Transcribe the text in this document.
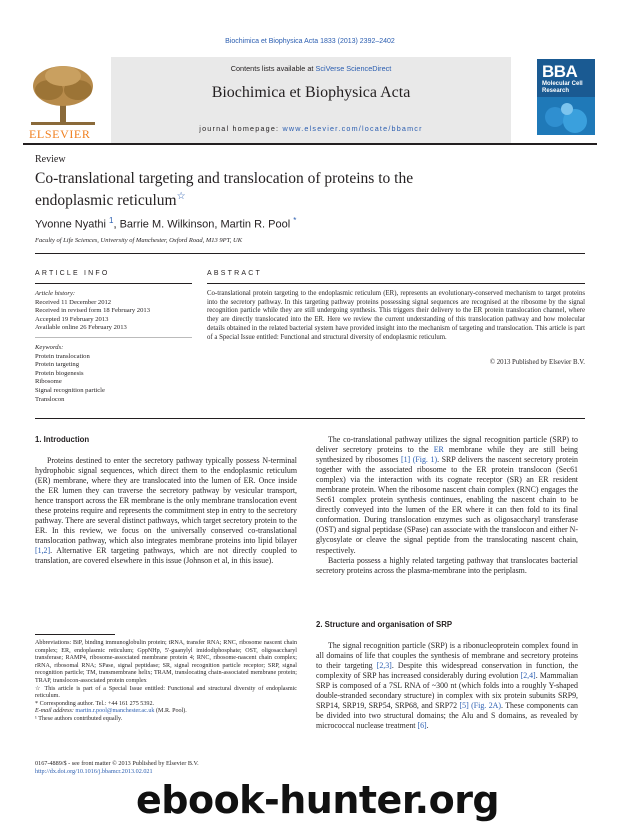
Biochimica et Biophysica Acta 1833 (2013) 2392–2402
ELSEVIER
Contents lists available at SciVerse ScienceDirect
Biochimica et Biophysica Acta
journal homepage: www.elsevier.com/locate/bbamcr
BBA
Molecular Cell Research
Review
Co-translational targeting and translocation of proteins to the endoplasmic reticulum☆
Yvonne Nyathi $^1$, Barrie M. Wilkinson, Martin R. Pool *
Faculty of Life Sciences, University of Manchester, Oxford Road, M13 9PT, UK
ARTICLE INFO
Article history:
Received 11 December 2012
Received in revised form 18 February 2013
Accepted 19 February 2013
Available online 26 February 2013
Keywords:
Protein translocation
Protein targeting
Protein biogenesis
Ribosome
Signal recognition particle
Translocon
ABSTRACT
Co-translational protein targeting to the endoplasmic reticulum (ER), represents an evolutionary-conserved mechanism to target proteins into the secretory pathway. In this targeting pathway proteins possessing signal sequences are recognised at the ribosome by the signal recognition particle while they are still undergoing synthesis. This triggers their delivery to the ER protein translocation channel, where they are directly translocated into the ER. Here we review the current understanding of this translocation pathway and how molecular details obtained in the related bacterial system have provided insight into the mechanism of targeting and translocation. This article is part of a Special Issue entitled: Functional and structural diversity of endoplasmic reticulum.
© 2013 Published by Elsevier B.V.
1. Introduction

Proteins destined to enter the secretory pathway typically possess N-terminal hydrophobic signal sequences, which direct them to the endoplasmic reticulum (ER) membrane, where they are translocated into the lumen of ER. Once inside the ER lumen they can traverse the secretory pathway by vesicular transport, hence transport across the ER membrane is the only membrane translocation event these proteins require and represents the commitment step in entry to the secretory pathway. There are several distinct pathways, which target secretory protein to the ER. In this review, we focus on the universally conserved co-translational translocation pathway, which also integrates membrane proteins into lipid bilayer [1,2]. Alternative ER targeting pathways, which are not directly coupled to translation, are covered elsewhere in this issue (Johnson et al, in this issue).

The co-translational pathway utilizes the signal recognition particle (SRP) to deliver secretory proteins to the ER membrane while they are still being synthesized by ribosomes [1] (Fig. 1). SRP delivers the nascent secretory protein together with the associated ribosome to the ER protein translocon (Sec61 complex) via the interaction with its cognate receptor (SR) an ER resident membrane protein. When the ribosome nascent chain complex (RNC) engages the Sec61 complex protein synthesis continues, enabling the nascent chain to be directly conveyed into the lumen of the ER where it can then fold to its final conformation. During translocation enzymes such as oligosaccharyl transferase (OST) and signal peptidase (SPase) can associate with the translocon and either N-glycosylate or cleave the signal peptide from the translocating nascent chain, respectively.

Bacteria possess a highly related targeting pathway that translocates bacterial secretory proteins across the plasma-membrane into the periplasm.

2. Structure and organisation of SRP

The signal recognition particle (SRP) is a ribonucleoprotein complex found in all domains of life that couples the synthesis of membrane and secretory proteins to their targeting [2,3]. Despite this widespread conservation in function, the complexity of SRP has increased considerably during evolution [2,4]. Mammalian SRP is composed of a 7SL RNA of ~300 nt (which folds into a roughly Y-shaped double-stranded secondary structure) in complex with six protein subunits SRP9, SRP14, SRP19, SRP54, SRP68, and SRP72 [5] (Fig. 2A). These components can be divided into two structural domains; the Alu and S domains, as revealed by micrococcal nuclease treatment [6].

Abbreviations: BiP, binding immunoglobulin protein; tRNA, transfer RNA; RNC, ribosome nascent chain complex; ER, endoplasmic reticulum; GppNHp, 5′-guanylyl imidodiphosphate; OST, oligosaccharyl transferase; RAMP4, ribosome-associated membrane protein 4; RNC, ribosome-nascent chain complex; rRNA, ribosomal RNA; SPase, signal peptidase; SR, signal recognition particle receptor; SRP, signal recognition particle; TM, transmembrane helix; TRAM, translocating chain-associated membrane protein; TRAP, translocon-associated protein complex
☆ This article is part of a Special Issue entitled: Functional and structural diversity of endoplasmic reticulum.
* Corresponding author. Tel.: +44 161 275 5392.
E-mail address: martin.r.pool@manchester.ac.uk (M.R. Pool).
¹ These authors contributed equally.
0167-4889/$ - see front matter © 2013 Published by Elsevier B.V.
http://dx.doi.org/10.1016/j.bbamcr.2013.02.021
ebook-hunter.org
